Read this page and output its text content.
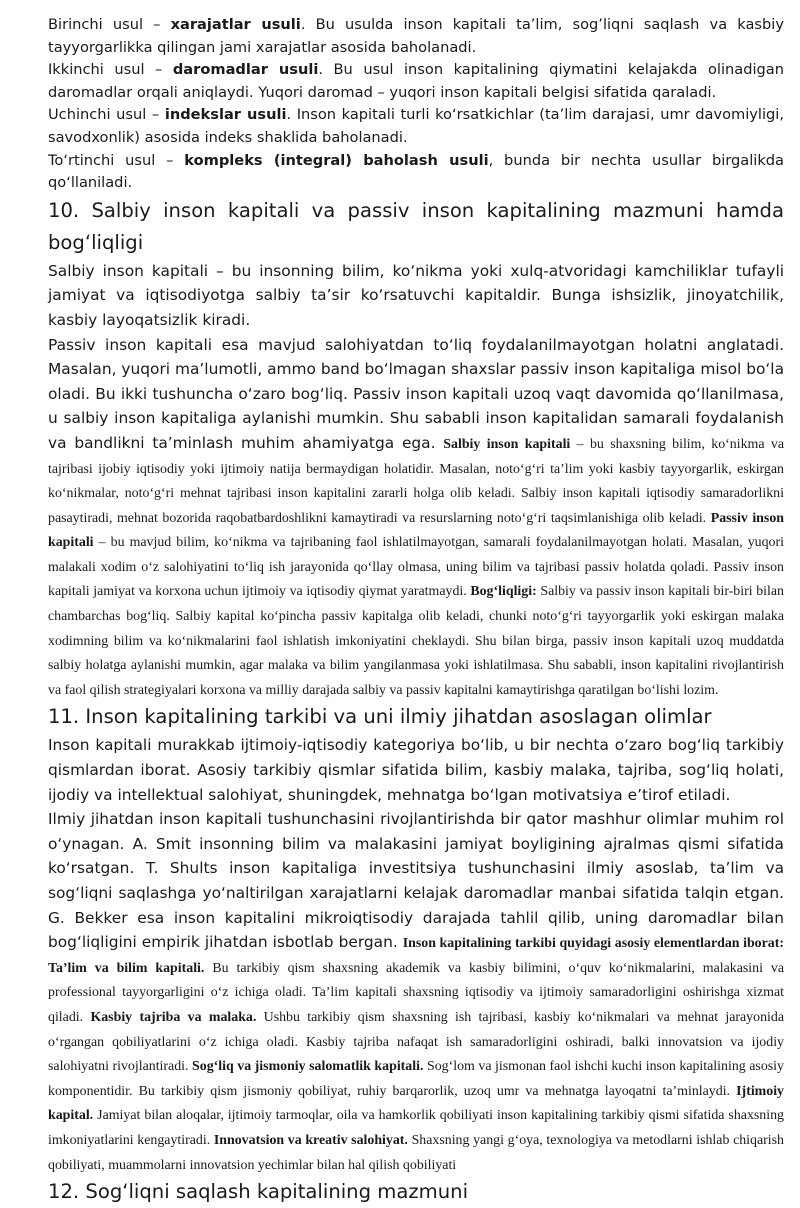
Birinchi usul – xarajatlar usuli. Bu usulda inson kapitali ta’lim, sog’liqni saqlash va kasbiy tayyorgarlikka qilingan jami xarajatlar asosida baholanadi.

Ikkinchi usul – daromadlar usuli. Bu usul inson kapitalining qiymatini kelajakda olinadigan daromadlar orqali aniqlaydi. Yuqori daromad – yuqori inson kapitali belgisi sifatida qaraladi.

Uchinchi usul – indekslar usuli. Inson kapitali turli koʻrsatkichlar (ta’lim darajasi, umr davomiyligi, savodxonlik) asosida indeks shaklida baholanadi.

To‘rtinchi usul – kompleks (integral) baholash usuli, bunda bir nechta usullar birgalikda qoʻllaniladi.

10. Salbiy inson kapitali va passiv inson kapitalining mazmuni hamda bog‘liqligi

Salbiy inson kapitali – bu insonning bilim, ko‘nikma yoki xulq-atvoridagi kamchiliklar tufayli jamiyat va iqtisodiyotga salbiy ta’sir ko‘rsatuvchi kapitaldir. Bunga ishsizlik, jinoyatchilik, kasbiy layoqatsizlik kiradi.

Passiv inson kapitali esa mavjud salohiyatdan to‘liq foydalanilmayotgan holatni anglatadi. Masalan, yuqori ma’lumotli, ammo band bo‘lmagan shaxslar passiv inson kapitaliga misol bo‘la oladi. Bu ikki tushuncha o‘zaro bog‘liq. Passiv inson kapitali uzoq vaqt davomida qo‘llanilmasa, u salbiy inson kapitaliga aylanishi mumkin. Shu sababli inson kapitalidan samarali foydalanish va bandlikni ta’minlash muhim ahamiyatga ega. Salbiy inson kapitali – bu shaxsning bilim, koʻnikma va tajribasi ijobiy iqtisodiy yoki ijtimoiy natija bermaydigan holatidir. Masalan, notoʻgʻri ta’lim yoki kasbiy tayyorgarlik, eskirgan koʻnikmalar, notoʻgʻri mehnat tajribasi inson kapitalini zararli holga olib keladi. Salbiy inson kapitali iqtisodiy samaradorlikni pasaytiradi, mehnat bozorida raqobatbardoshlikni kamaytiradi va resurslarning notoʻgʻri taqsimlanishiga olib keladi. Passiv inson kapitali – bu mavjud bilim, koʻnikma va tajribaning faol ishlatilmayotgan, samarali foydalanilmayotgan holati. Masalan, yuqori malakali xodim oʻz salohiyatini toʻliq ish jarayonida qoʻllay olmasa, uning bilim va tajribasi passiv holatda qoladi. Passiv inson kapitali jamiyat va korxona uchun ijtimoiy va iqtisodiy qiymat yaratmaydi. Bogʻliqligi: Salbiy va passiv inson kapitali bir-biri bilan chambarchas bogʻliq. Salbiy kapital koʻpincha passiv kapitalga olib keladi, chunki notoʻgʻri tayyorgarlik yoki eskirgan malaka xodimning bilim va koʻnikmalarini faol ishlatish imkoniyatini cheklaydi. Shu bilan birga, passiv inson kapitali uzoq muddatda salbiy holatga aylanishi mumkin, agar malaka va bilim yangilanmasa yoki ishlatilmasa. Shu sababli, inson kapitalini rivojlantirish va faol qilish strategiyalari korxona va milliy darajada salbiy va passiv kapitalni kamaytirishga qaratilgan boʻlishi lozim.

11. Inson kapitalining tarkibi va uni ilmiy jihatdan asoslagan olimlar

Inson kapitali murakkab ijtimoiy-iqtisodiy kategoriya bo‘lib, u bir nechta o‘zaro bog‘liq tarkibiy qismlardan iborat. Asosiy tarkibiy qismlar sifatida bilim, kasbiy malaka, tajriba, sog‘liq holati, ijodiy va intellektual salohiyat, shuningdek, mehnatga bo‘lgan motivatsiya e’tirof etiladi.

Ilmiy jihatdan inson kapitali tushunchasini rivojlantirishda bir qator mashhur olimlar muhim rol o‘ynagan. A. Smit insonning bilim va malakasini jamiyat boyligining ajralmas qismi sifatida ko‘rsatgan. T. Shults inson kapitaliga investitsiya tushunchasini ilmiy asoslab, ta’lim va sog‘liqni saqlashga yo‘naltirilgan xarajatlarni kelajak daromadlar manbai sifatida talqin etgan. G. Bekker esa inson kapitalini mikroiqtisodiy darajada tahlil qilib, uning daromadlar bilan bog‘liqligini empirik jihatdan isbotlab bergan. Inson kapitalining tarkibi quyidagi asosiy elementlardan iborat: Ta’lim va bilim kapitali. Bu tarkibiy qism shaxsning akademik va kasbiy bilimini, oʻquv koʻnikmalarini, malakasini va professional tayyorgarligini oʻz ichiga oladi. Ta’lim kapitali shaxsning iqtisodiy va ijtimoiy samaradorligini oshirishga xizmat qiladi. Kasbiy tajriba va malaka. Ushbu tarkibiy qism shaxsning ish tajribasi, kasbiy koʻnikmalari va mehnat jarayonida oʻrgangan qobiliyatlarini oʻz ichiga oladi. Kasbiy tajriba nafaqat ish samaradorligini oshiradi, balki innovatsion va ijodiy salohiyatni rivojlantiradi. Sogʻliq va jismoniy salomatlik kapitali. Sogʻlom va jismonan faol ishchi kuchi inson kapitalining asosiy komponentidir. Bu tarkibiy qism jismoniy qobiliyat, ruhiy barqarorlik, uzoq umr va mehnatga layoqatni ta’minlaydi. Ijtimoiy kapital. Jamiyat bilan aloqalar, ijtimoiy tarmoqlar, oila va hamkorlik qobiliyati inson kapitalining tarkibiy qismi sifatida shaxsning imkoniyatlarini kengaytiradi. Innovatsion va kreativ salohiyat. Shaxsning yangi gʻoya, texnologiya va metodlarni ishlab chiqarish qobiliyati, muammolarni innovatsion yechimlar bilan hal qilish qobiliyati

12. Sog‘liqni saqlash kapitalining mazmuni
